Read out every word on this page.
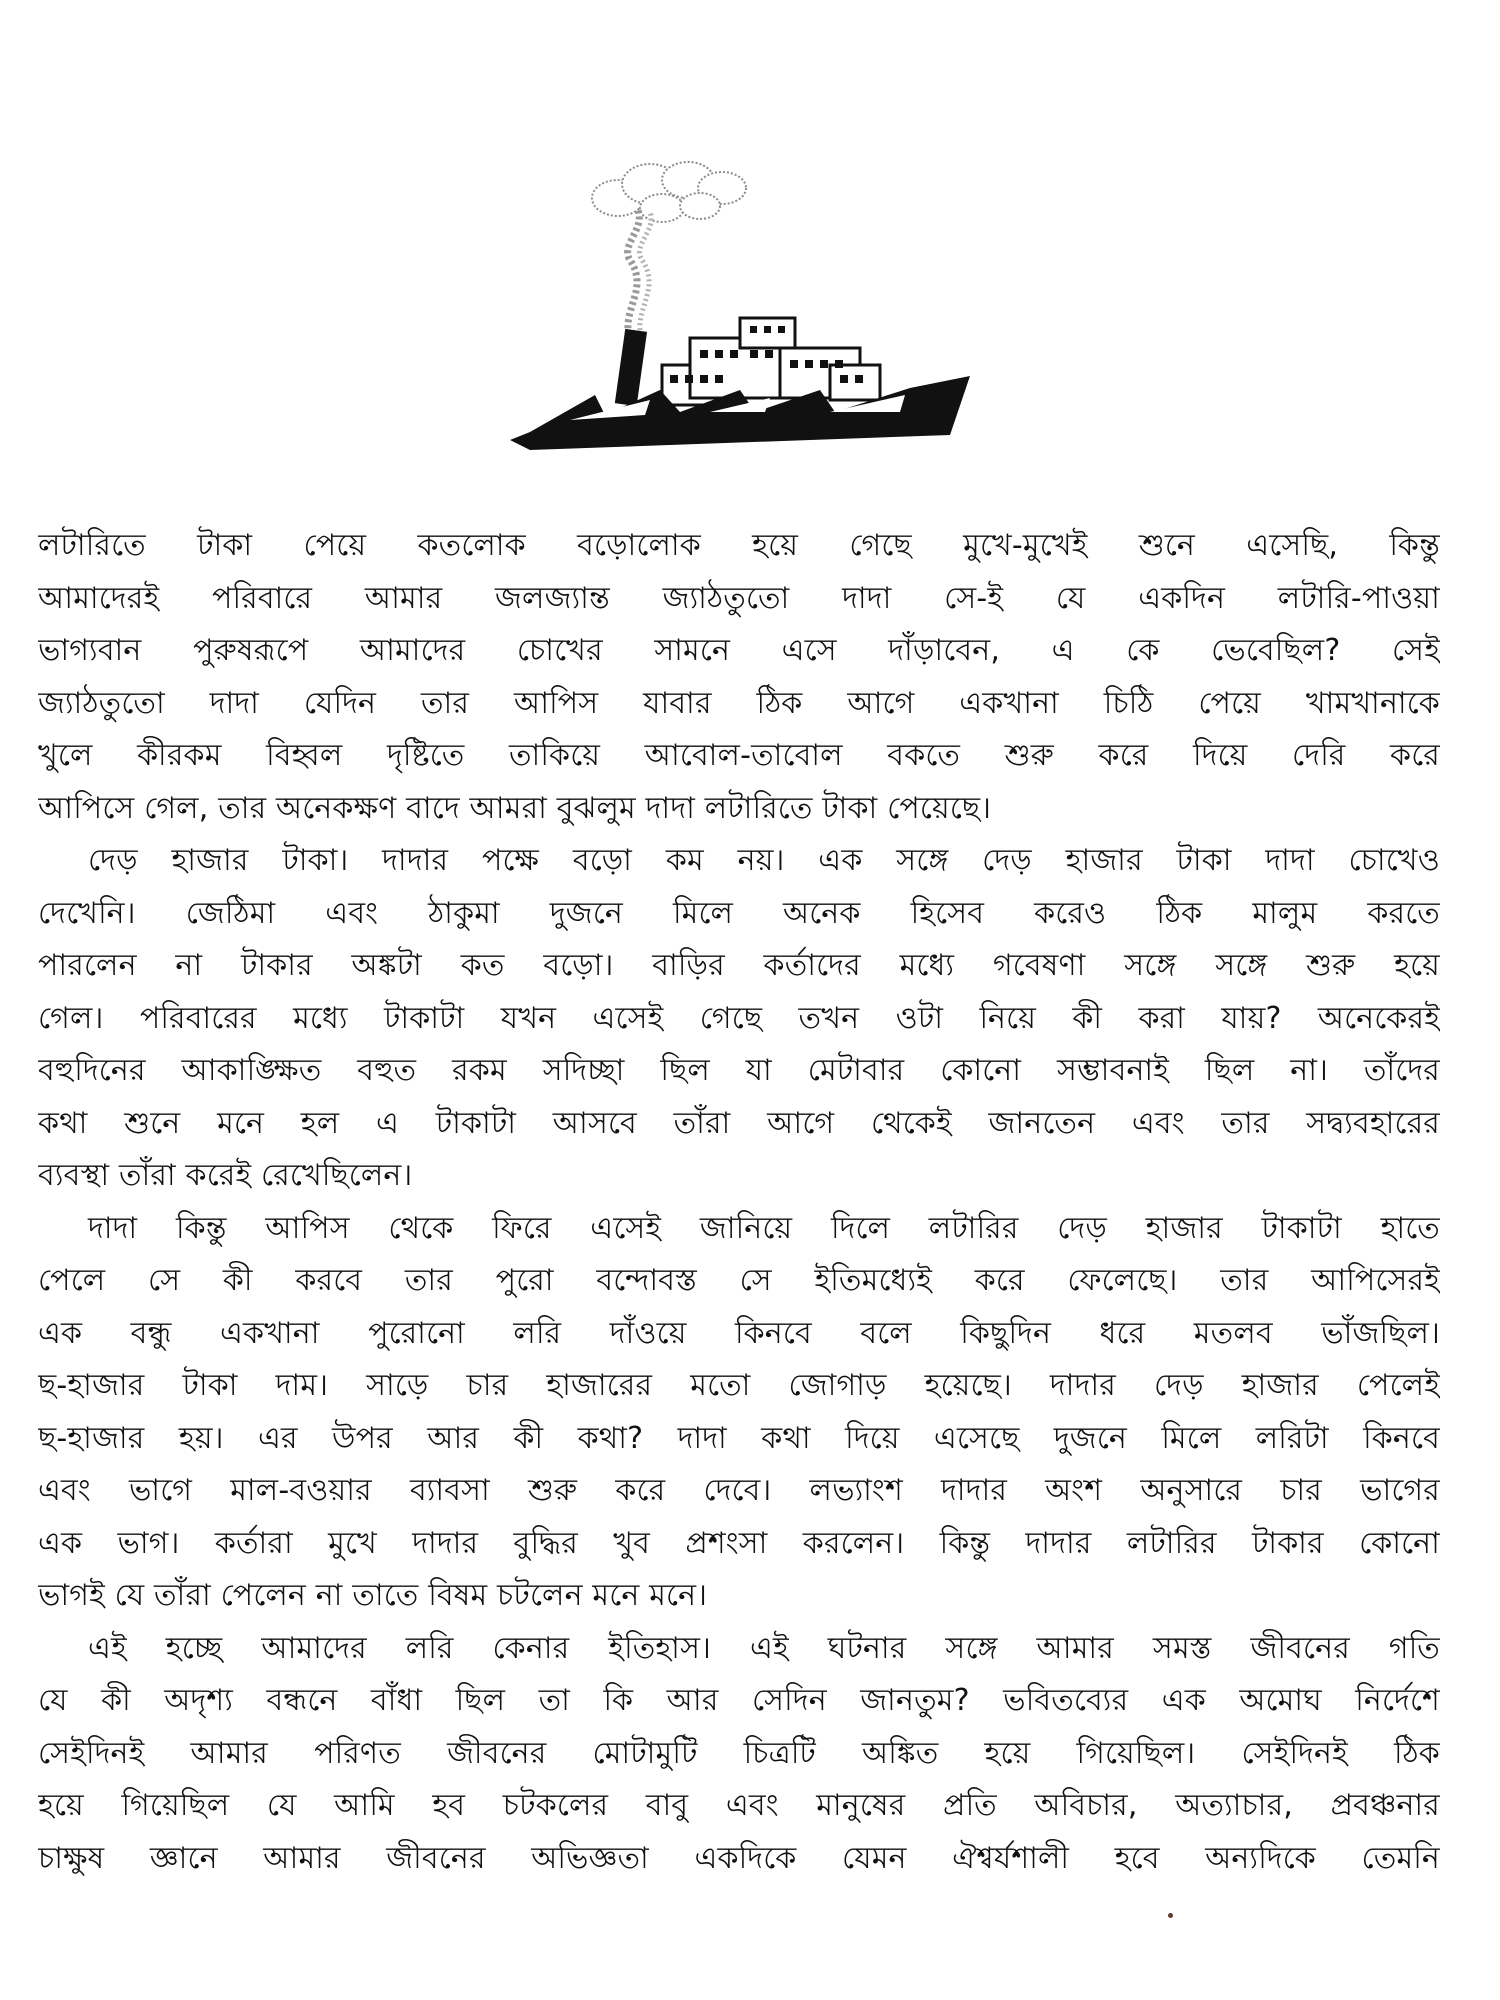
লটারিতে টাকা পেয়ে কতলোক বড়োলোক হয়ে গেছে মুখে-মুখেই শুনে এসেছি, কিন্তু
আমাদেরই পরিবারে আমার জলজ্যান্ত জ্যাঠতুতো দাদা সে-ই যে একদিন লটারি-পাওয়া
ভাগ্যবান পুরুষরূপে আমাদের চোখের সামনে এসে দাঁড়াবেন, এ কে ভেবেছিল? সেই
জ্যাঠতুতো দাদা যেদিন তার আপিস যাবার ঠিক আগে একখানা চিঠি পেয়ে খামখানাকে
খুলে কীরকম বিহ্বল দৃষ্টিতে তাকিয়ে আবোল-তাবোল বকতে শুরু করে দিয়ে দেরি করে
আপিসে গেল, তার অনেকক্ষণ বাদে আমরা বুঝলুম দাদা লটারিতে টাকা পেয়েছে।
দেড় হাজার টাকা। দাদার পক্ষে বড়ো কম নয়। এক সঙ্গে দেড় হাজার টাকা দাদা চোখেও
দেখেনি। জেঠিমা এবং ঠাকুমা দুজনে মিলে অনেক হিসেব করেও ঠিক মালুম করতে
পারলেন না টাকার অঙ্কটা কত বড়ো। বাড়ির কর্তাদের মধ্যে গবেষণা সঙ্গে সঙ্গে শুরু হয়ে
গেল। পরিবারের মধ্যে টাকাটা যখন এসেই গেছে তখন ওটা নিয়ে কী করা যায়? অনেকেরই
বহুদিনের আকাঙ্ক্ষিত বহুত রকম সদিচ্ছা ছিল যা মেটাবার কোনো সম্ভাবনাই ছিল না। তাঁদের
কথা শুনে মনে হল এ টাকাটা আসবে তাঁরা আগে থেকেই জানতেন এবং তার সদ্ব্যবহারের
ব্যবস্থা তাঁরা করেই রেখেছিলেন।
দাদা কিন্তু আপিস থেকে ফিরে এসেই জানিয়ে দিলে লটারির দেড় হাজার টাকাটা হাতে
পেলে সে কী করবে তার পুরো বন্দোবস্ত সে ইতিমধ্যেই করে ফেলেছে। তার আপিসেরই
এক বন্ধু একখানা পুরোনো লরি দাঁওয়ে কিনবে বলে কিছুদিন ধরে মতলব ভাঁজছিল।
ছ-হাজার টাকা দাম। সাড়ে চার হাজারের মতো জোগাড় হয়েছে। দাদার দেড় হাজার পেলেই
ছ-হাজার হয়। এর উপর আর কী কথা? দাদা কথা দিয়ে এসেছে দুজনে মিলে লরিটা কিনবে
এবং ভাগে মাল-বওয়ার ব্যাবসা শুরু করে দেবে। লভ্যাংশ দাদার অংশ অনুসারে চার ভাগের
এক ভাগ। কর্তারা মুখে দাদার বুদ্ধির খুব প্রশংসা করলেন। কিন্তু দাদার লটারির টাকার কোনো
ভাগই যে তাঁরা পেলেন না তাতে বিষম চটলেন মনে মনে।
এই হচ্ছে আমাদের লরি কেনার ইতিহাস। এই ঘটনার সঙ্গে আমার সমস্ত জীবনের গতি
যে কী অদৃশ্য বন্ধনে বাঁধা ছিল তা কি আর সেদিন জানতুম? ভবিতব্যের এক অমোঘ নির্দেশে
সেইদিনই আমার পরিণত জীবনের মোটামুটি চিত্রটি অঙ্কিত হয়ে গিয়েছিল। সেইদিনই ঠিক
হয়ে গিয়েছিল যে আমি হব চটকলের বাবু এবং মানুষের প্রতি অবিচার, অত্যাচার, প্রবঞ্চনার
চাক্ষুষ জ্ঞানে আমার জীবনের অভিজ্ঞতা একদিকে যেমন ঐশ্বর্যশালী হবে অন্যদিকে তেমনি
